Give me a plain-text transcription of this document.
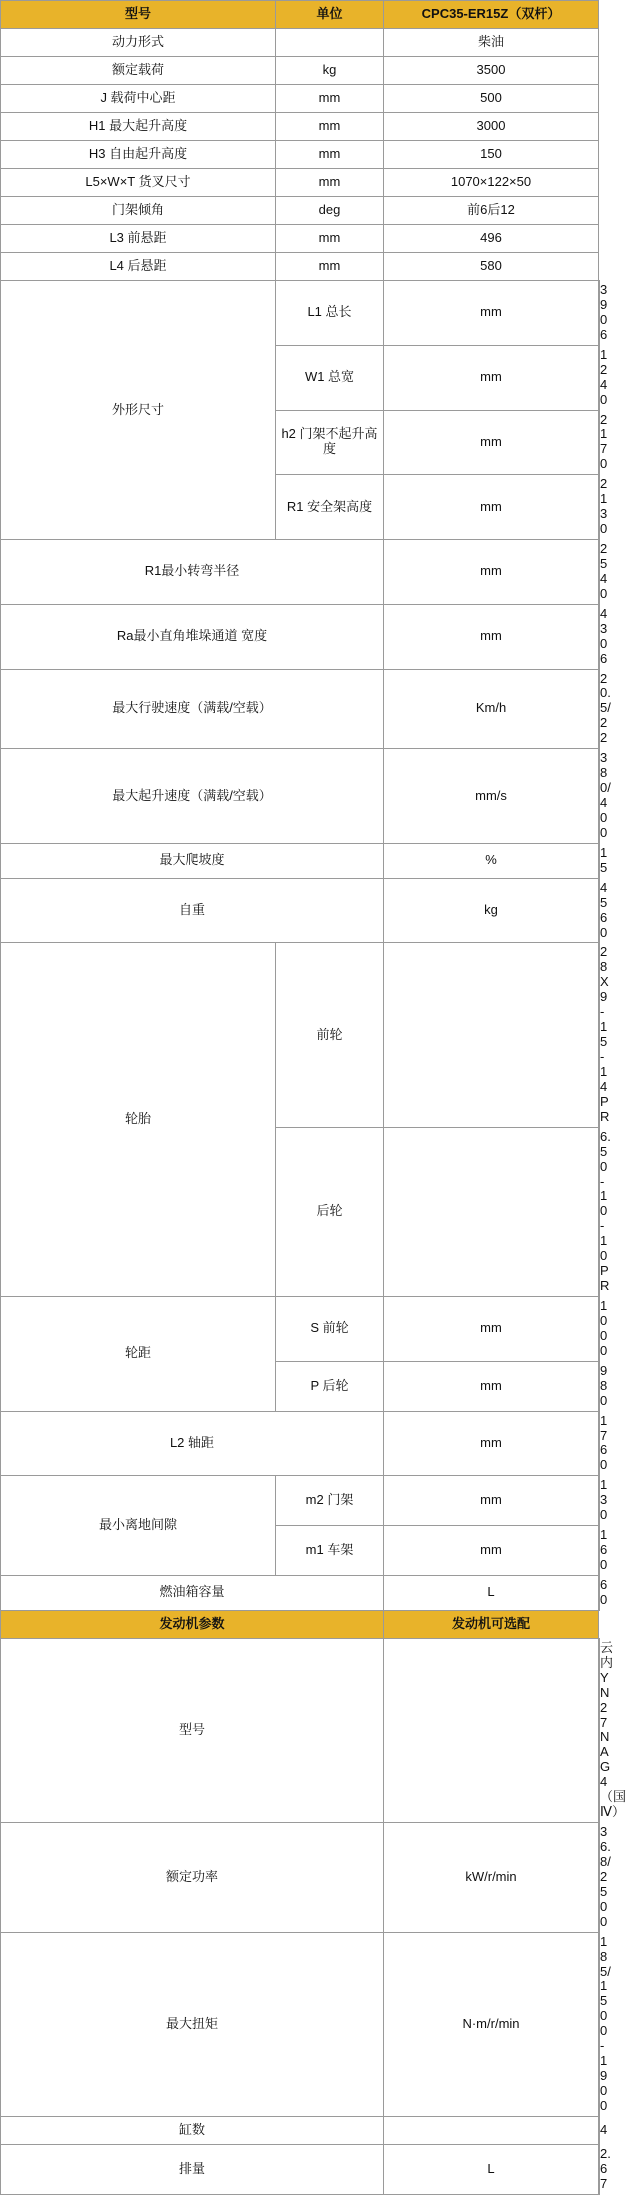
型号	单位	CPC35-ER15Z（双杆）	
动力形式		柴油	
额定载荷	kg	3500	
J 载荷中心距	mm	500	
H1 最大起升高度	mm	3000	
H3 自由起升高度	mm	150	
L5×W×T 货叉尺寸	mm	1070×122×50	
门架倾角	deg	前6后12	
L3 前悬距	mm	496	
L4 后悬距	mm	580	
外形尺寸	L1 总长	mm	3906
	W1 总宽	mm	1240
	h2 门架不起升高度	mm	2170
	R1 安全架高度	mm	2130
R1最小转弯半径		mm	2540
Ra最小直角堆垛通道 宽度		mm	4306
最大行驶速度（满载/空载）		Km/h	20.5/22
最大起升速度（满载/空载）		mm/s	380/400
最大爬坡度		%	15
自重		kg	4560
轮胎	前轮		28X9-15-14PR
	后轮		6.50-10-10PR
轮距	S 前轮	mm	1000
	P 后轮	mm	980
L2 轴距		mm	1760
最小离地间隙	m2 门架	mm	130
	m1 车架	mm	160
燃油箱容量		L	60
发动机参数		发动机可选配	
型号			云内YN27NAG4（国Ⅳ）
额定功率		kW/r/min	36.8/2500
最大扭矩		N·m/r/min	185/1500-1900
缸数			4
排量		L	2.67
